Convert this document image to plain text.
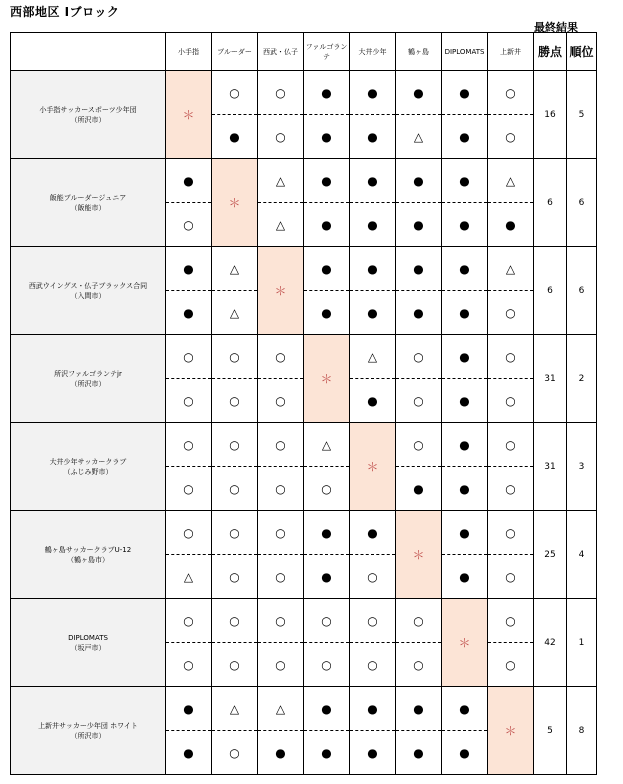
西部地区 Ⅰブロック
最終結果
	小手指	ブルーダー	西武・仏子	ファルゴランテ	大井少年	鶴ヶ島	DIPLOMATS	上新井	勝点	順位

小手指サッカースポーツ少年団
（所沢市）	＊	○	○	●	●	●	●	○	16	5
		●	○	●	●	△	●	○		

飯能ブルーダージュニア
（飯能市）	●	＊	△	●	●	●	●	△	6	6
	○		△	●	●	●	●	●		

西武ウイングス・仏子ブラックス合同
（入間市）	●	△	＊	●	●	●	●	△	6	6
	●	△		●	●	●	●	○		

所沢ファルゴランテjr
（所沢市）	○	○	○	＊	△	○	●	○	31	2
	○	○	○		●	○	●	○		

大井少年サッカークラブ
（ふじみ野市）	○	○	○	△	＊	○	●	○	31	3
	○	○	○	○		●	●	○		

鶴ヶ島サッカークラブU-12
（鶴ヶ島市）	○	○	○	●	●	＊	●	○	25	4
	△	○	○	●	○		●	○		

DIPLOMATS
（坂戸市）	○	○	○	○	○	○	＊	○	42	1
	○	○	○	○	○	○		○		

上新井サッカー少年団 ホワイト
（所沢市）	●	△	△	●	●	●	●	＊	5	8
	●	○	●	●	●	●	●			
